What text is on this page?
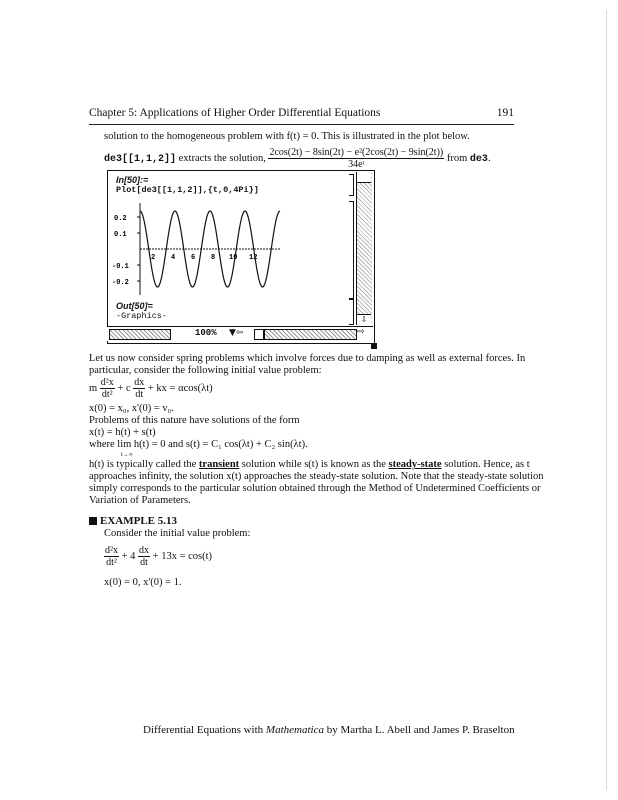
Chapter 5: Applications of Higher Order Differential Equations	191
solution to the homogeneous problem with f(t) = 0. This is illustrated in the plot below.
de3[[1,1,2]] extracts the solution, $\frac{\text{2cos(2t) − 8sin(2t) − e²(2cos(2t) − 9sin(2t))}}{\text{34eᵗ}}$ from de3.
In[50]:=
Plot[de3[[1,1,2]],{t,0,4Pi}]
0.2
0.1
-0.1
-0.2
2 4 6 8 10 12
Out[50]=
-Graphics-	⇩
100% ▼⇦	⇨
Let us now consider spring problems which involve forces due to damping as well as external forces. In
particular, consider the following initial value problem:
m $\frac{\text{d²x}}{\text{dt²}} + c \frac{dx}{dt}$ + kx = αcos(λt)
x(0) = x₀, x'(0) = v₀.
Problems of this nature have solutions of the form
x(t) = h(t) + s(t)
where lim h(t) = 0 and s(t) = C₁ cos(λt) + C₂ sin(λt).
t→∞
h(t) is typically called the transient solution while s(t) is known as the steady-state solution. Hence, as t
approaches infinity, the solution x(t) approaches the steady-state solution. Note that the steady-state solution
simply corresponds to the particular solution obtained through the Method of Undetermined Coefficients or
Variation of Parameters.
EXAMPLE 5.13
Consider the initial value problem:
$\frac{\text{d²x}}{\text{dt²}} + 4 \frac{dx}{dt} + 13x = \cos(t)$
x(0) = 0, x'(0) = 1.
Differential Equations with Mathematica by Martha L. Abell and James P. Braselton
